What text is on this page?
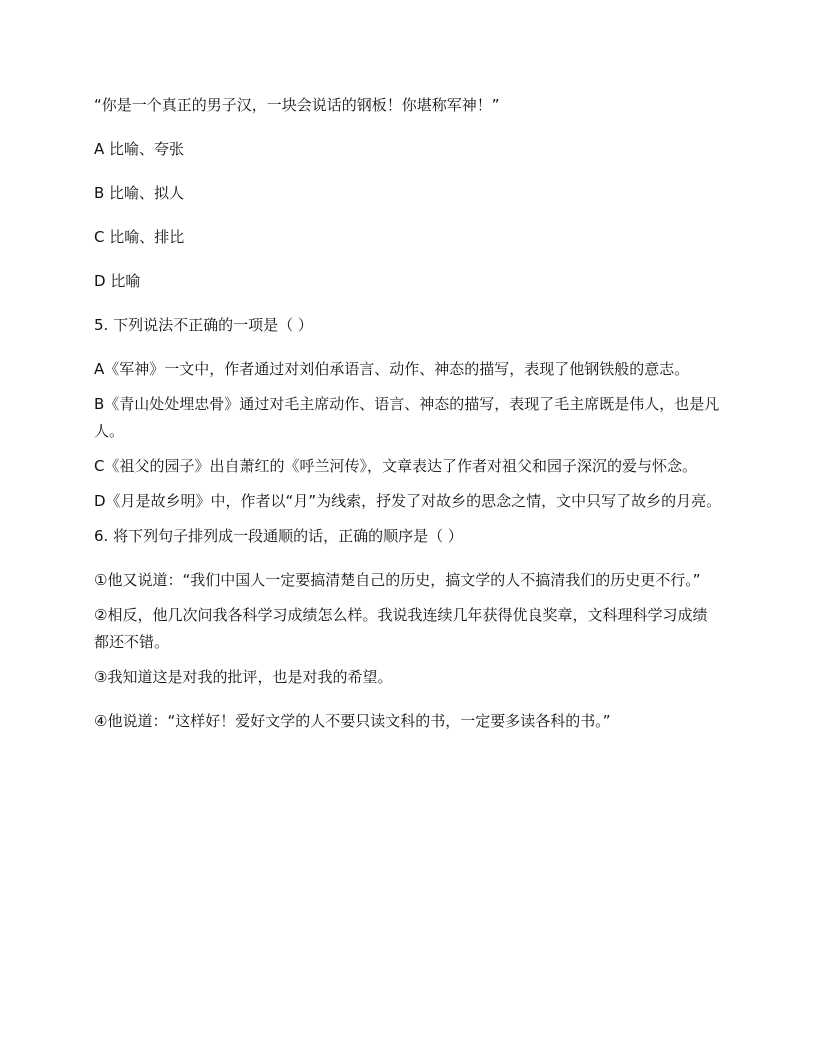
“你是一个真正的男子汉，一块会说话的钢板！你堪称军神！”

A 比喻、夸张

B 比喻、拟人

C 比喻、排比

D 比喻

5. 下列说法不正确的一项是（ ）

A《军神》一文中，作者通过对刘伯承语言、动作、神态的描写，表现了他钢铁般的意志。

B《青山处处埋忠骨》通过对毛主席动作、语言、神态的描写，表现了毛主席既是伟人，也是凡人。

C《祖父的园子》出自萧红的《呼兰河传》，文章表达了作者对祖父和园子深沉的爱与怀念。

D《月是故乡明》中，作者以“月”为线索，抒发了对故乡的思念之情，文中只写了故乡的月亮。

6. 将下列句子排列成一段通顺的话，正确的顺序是（ ）

①他又说道：“我们中国人一定要搞清楚自己的历史，搞文学的人不搞清我们的历史更不行。”

②相反，他几次问我各科学习成绩怎么样。我说我连续几年获得优良奖章，文科理科学习成绩都还不错。

③我知道这是对我的批评，也是对我的希望。

④他说道：“这样好！爱好文学的人不要只读文科的书，一定要多读各科的书。”
